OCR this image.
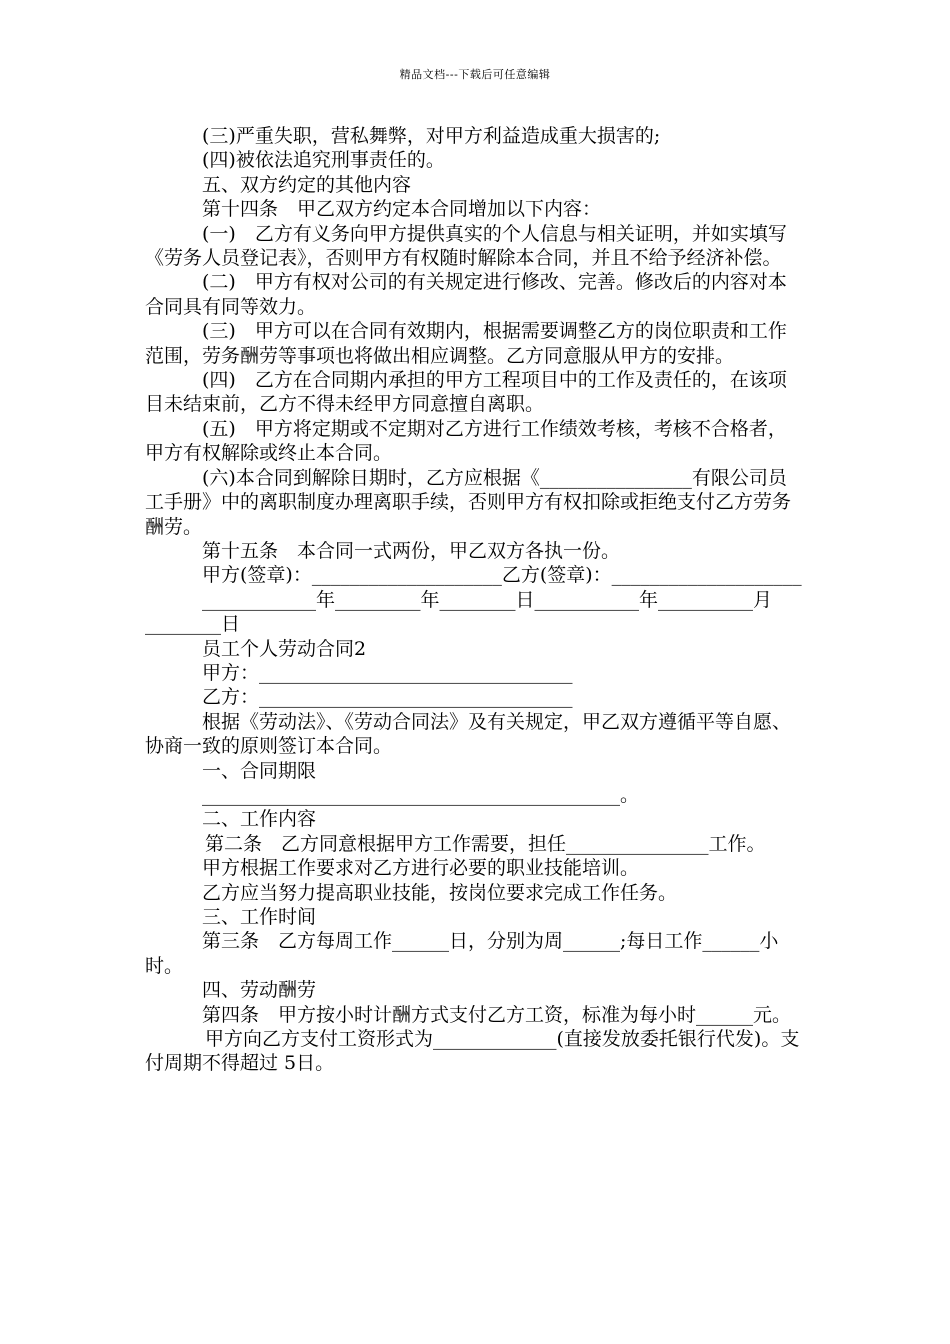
精品文档---下载后可任意编辑

(三)严重失职，营私舞弊，对甲方利益造成重大损害的;

(四)被依法追究刑事责任的。

五、双方约定的其他内容

第十四条　甲乙双方约定本合同增加以下内容：

(一)　乙方有义务向甲方提供真实的个人信息与相关证明，并如实填写《劳务人员登记表》，否则甲方有权随时解除本合同，并且不给予经济补偿。

(二)　甲方有权对公司的有关规定进行修改、完善。修改后的内容对本合同具有同等效力。

(三)　甲方可以在合同有效期内，根据需要调整乙方的岗位职责和工作范围，劳务酬劳等事项也将做出相应调整。乙方同意服从甲方的安排。

(四)　乙方在合同期内承担的甲方工程项目中的工作及责任的，在该项目未结束前，乙方不得未经甲方同意擅自离职。

(五)　甲方将定期或不定期对乙方进行工作绩效考核，考核不合格者，甲方有权解除或终止本合同。

(六)本合同到解除日期时，乙方应根据《________________有限公司员工手册》中的离职制度办理离职手续，否则甲方有权扣除或拒绝支付乙方劳务酬劳。

第十五条　本合同一式两份，甲乙双方各执一份。

甲方(签章)：____________________乙方(签章)：____________________

____________年_________年________日___________年__________月________日

员工个人劳动合同2

甲方：_________________________________

乙方：_________________________________

根据《劳动法》、《劳动合同法》及有关规定，甲乙双方遵循平等自愿、协商一致的原则签订本合同。

一、合同期限

____________________________________________。

二、工作内容

第二条　乙方同意根据甲方工作需要，担任_______________工作。

甲方根据工作要求对乙方进行必要的职业技能培训。

乙方应当努力提高职业技能，按岗位要求完成工作任务。

三、工作时间

第三条　乙方每周工作______日，分别为周______;每日工作______小时。

四、劳动酬劳

第四条　甲方按小时计酬方式支付乙方工资，标准为每小时______元。

甲方向乙方支付工资形式为_____________(直接发放委托银行代发)。支付周期不得超过 5日。
